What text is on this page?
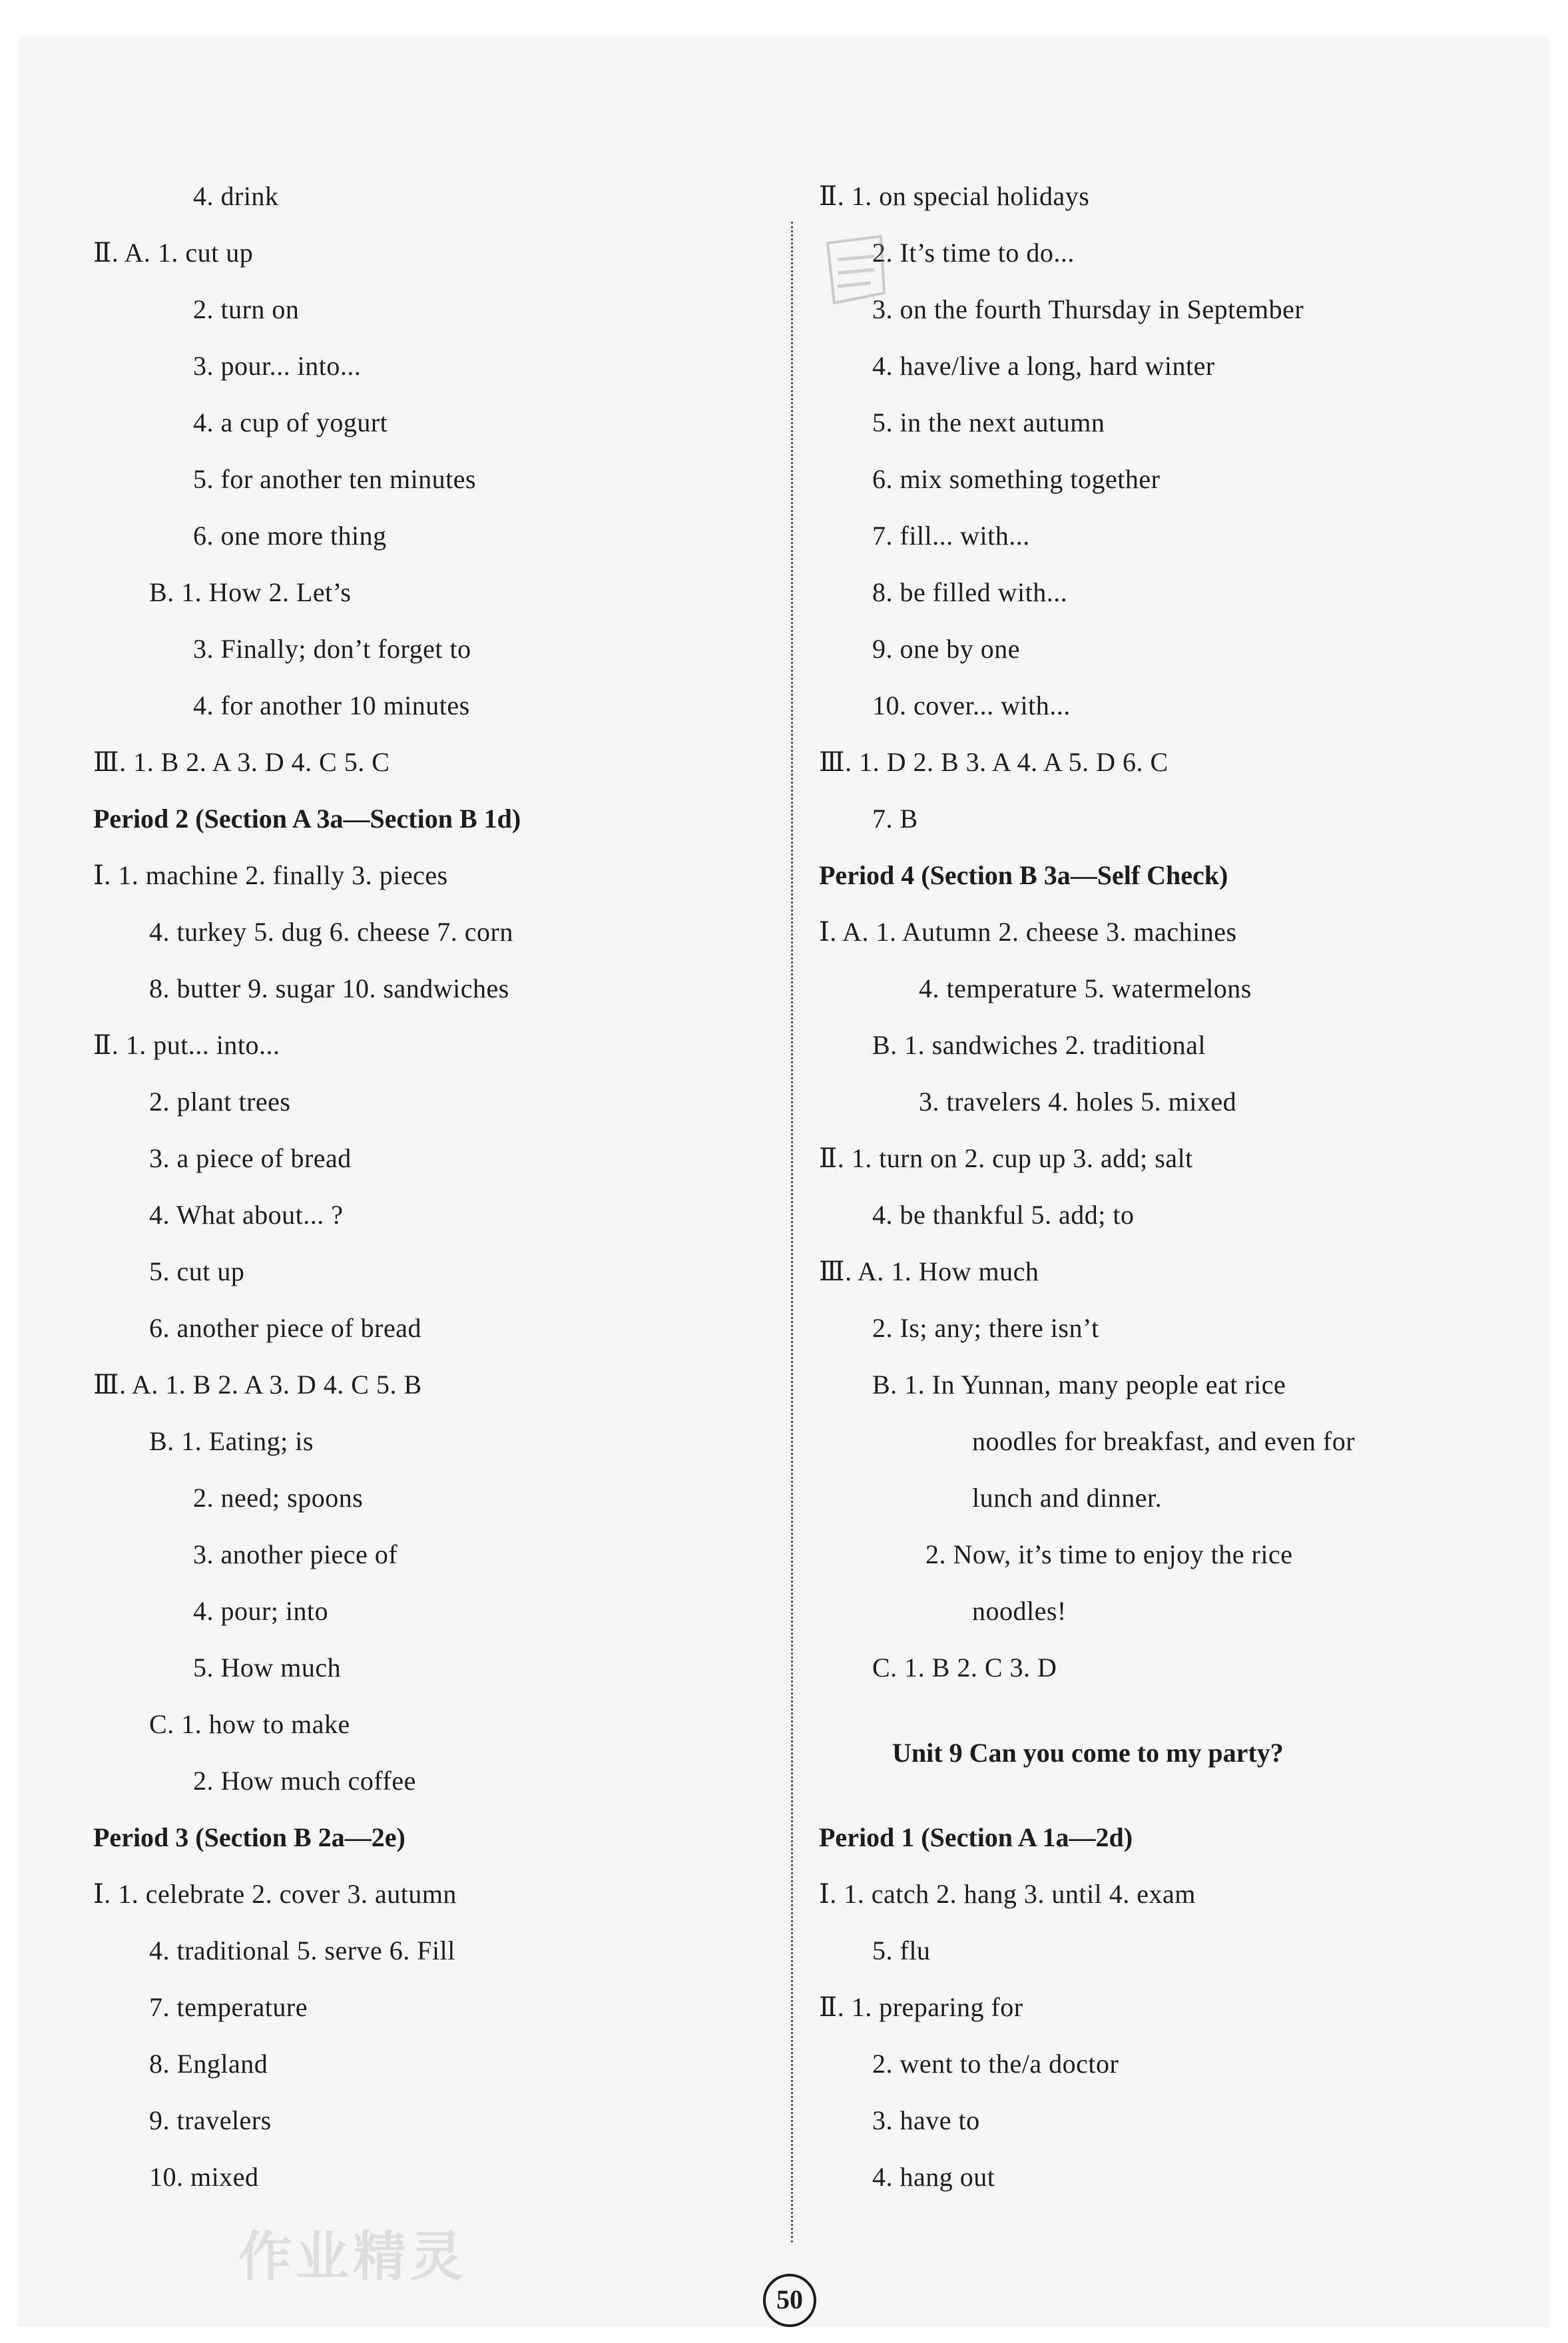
4. drink
Ⅱ. A. 1. cut up
2. turn on
3. pour... into...
4. a cup of yogurt
5. for another ten minutes
6. one more thing
B. 1. How 2. Let’s
3. Finally; don’t forget to
4. for another 10 minutes
Ⅲ. 1. B 2. A 3. D 4. C 5. C
Period 2 (Section A 3a—Section B 1d)
Ⅰ. 1. machine 2. finally 3. pieces
4. turkey 5. dug 6. cheese 7. corn
8. butter 9. sugar 10. sandwiches
Ⅱ. 1. put... into...
2. plant trees
3. a piece of bread
4. What about... ?
5. cut up
6. another piece of bread
Ⅲ. A. 1. B 2. A 3. D 4. C 5. B
B. 1. Eating; is
2. need; spoons
3. another piece of
4. pour; into
5. How much
C. 1. how to make
2. How much coffee
Period 3 (Section B 2a—2e)
Ⅰ. 1. celebrate 2. cover 3. autumn
4. traditional 5. serve 6. Fill
7. temperature
8. England
9. travelers
10. mixed
Ⅱ. 1. on special holidays
2. It’s time to do...
3. on the fourth Thursday in September
4. have/live a long, hard winter
5. in the next autumn
6. mix something together
7. fill... with...
8. be filled with...
9. one by one
10. cover... with...
Ⅲ. 1. D 2. B 3. A 4. A 5. D 6. C
7. B
Period 4 (Section B 3a—Self Check)
Ⅰ. A. 1. Autumn 2. cheese 3. machines
4. temperature 5. watermelons
B. 1. sandwiches 2. traditional
3. travelers 4. holes 5. mixed
Ⅱ. 1. turn on 2. cup up 3. add; salt
4. be thankful 5. add; to
Ⅲ. A. 1. How much
2. Is; any; there isn’t
B. 1. In Yunnan, many people eat rice
noodles for breakfast, and even for
lunch and dinner.
2. Now, it’s time to enjoy the rice
noodles!
C. 1. B 2. C 3. D
Unit 9 Can you come to my party?
Period 1 (Section A 1a—2d)
Ⅰ. 1. catch 2. hang 3. until 4. exam
5. flu
Ⅱ. 1. preparing for
2. went to the/a doctor
3. have to
4. hang out
作业精灵
50
